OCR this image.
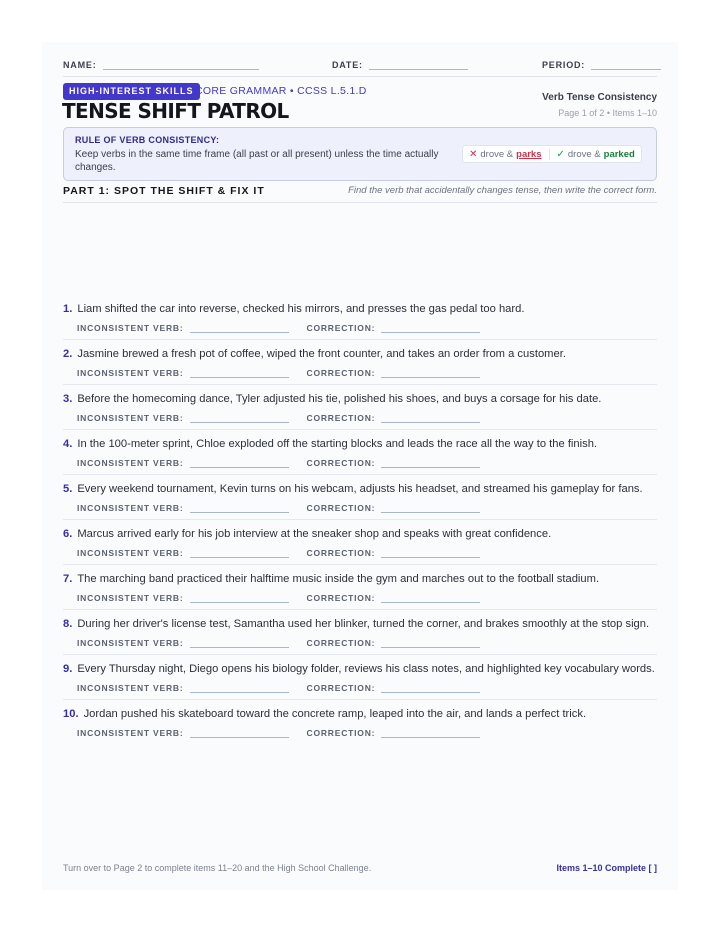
NAME:	DATE:	PERIOD:
HIGH-INTEREST SKILLS CORE GRAMMAR • CCSS L.5.1.D
TENSE SHIFT PATROL
Verb Tense Consistency
Page 1 of 2 • Items 1–10
RULE OF VERB CONSISTENCY:
Keep verbs in the same time frame (all past or all present) unless the time actually changes.
✕ drove & parks ✓ drove & parked
PART 1: SPOT THE SHIFT & FIX IT	Find the verb that accidentally changes tense, then write the correct form.
1. Liam shifted the car into reverse, checked his mirrors, and presses the gas pedal too hard.
INCONSISTENT VERB:	CORRECTION:
2. Jasmine brewed a fresh pot of coffee, wiped the front counter, and takes an order from a customer.
INCONSISTENT VERB:	CORRECTION:
3. Before the homecoming dance, Tyler adjusted his tie, polished his shoes, and buys a corsage for his date.
INCONSISTENT VERB:	CORRECTION:
4. In the 100-meter sprint, Chloe exploded off the starting blocks and leads the race all the way to the finish.
INCONSISTENT VERB:	CORRECTION:
5. Every weekend tournament, Kevin turns on his webcam, adjusts his headset, and streamed his gameplay for fans.
INCONSISTENT VERB:	CORRECTION:
6. Marcus arrived early for his job interview at the sneaker shop and speaks with great confidence.
INCONSISTENT VERB:	CORRECTION:
7. The marching band practiced their halftime music inside the gym and marches out to the football stadium.
INCONSISTENT VERB:	CORRECTION:
8. During her driver's license test, Samantha used her blinker, turned the corner, and brakes smoothly at the stop sign.
INCONSISTENT VERB:	CORRECTION:
9. Every Thursday night, Diego opens his biology folder, reviews his class notes, and highlighted key vocabulary words.
INCONSISTENT VERB:	CORRECTION:
10. Jordan pushed his skateboard toward the concrete ramp, leaped into the air, and lands a perfect trick.
INCONSISTENT VERB:	CORRECTION:
Turn over to Page 2 to complete items 11–20 and the High School Challenge.	Items 1–10 Complete [ ]
